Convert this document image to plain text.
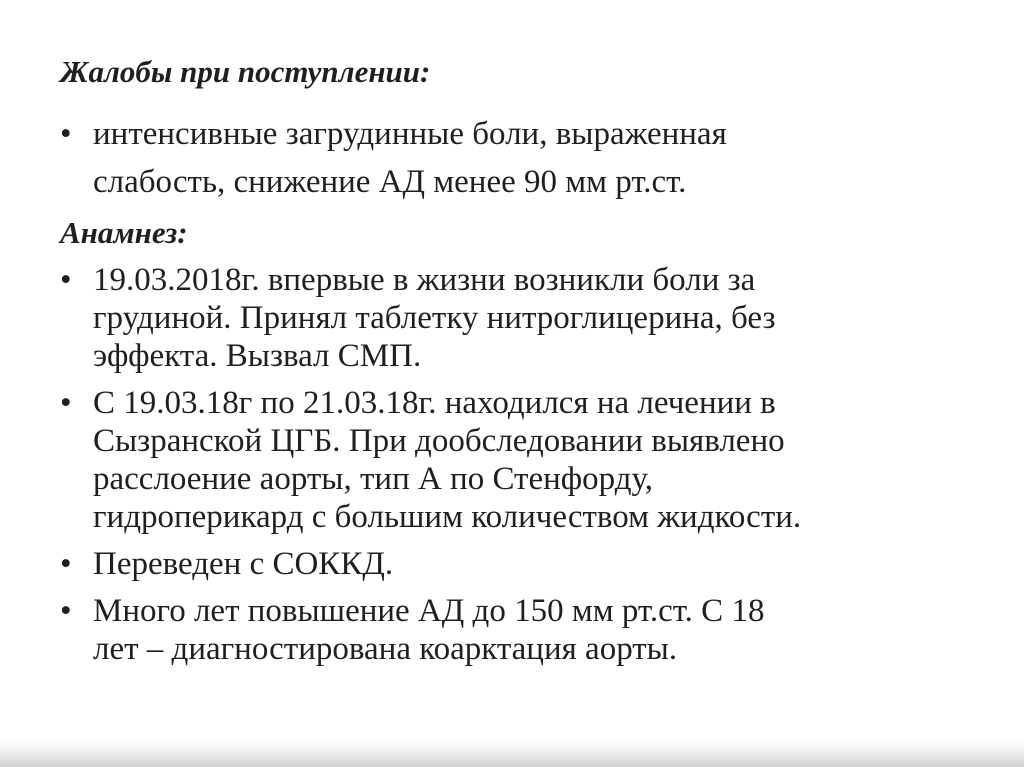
Жалобы при поступлении:
• интенсивные загрудинные боли, выраженная
слабость, снижение АД менее 90 мм рт.ст.
Анамнез:
• 19.03.2018г. впервые в жизни возникли боли за
грудиной. Принял таблетку нитроглицерина, без
эффекта. Вызвал СМП.
• С 19.03.18г по 21.03.18г. находился на лечении в
Сызранской ЦГБ. При дообследовании выявлено
расслоение аорты, тип А по Стенфорду,
гидроперикард с большим количеством жидкости.
• Переведен с СОККД.
• Много лет повышение АД до 150 мм рт.ст. С 18
лет – диагностирована коарктация аорты.
